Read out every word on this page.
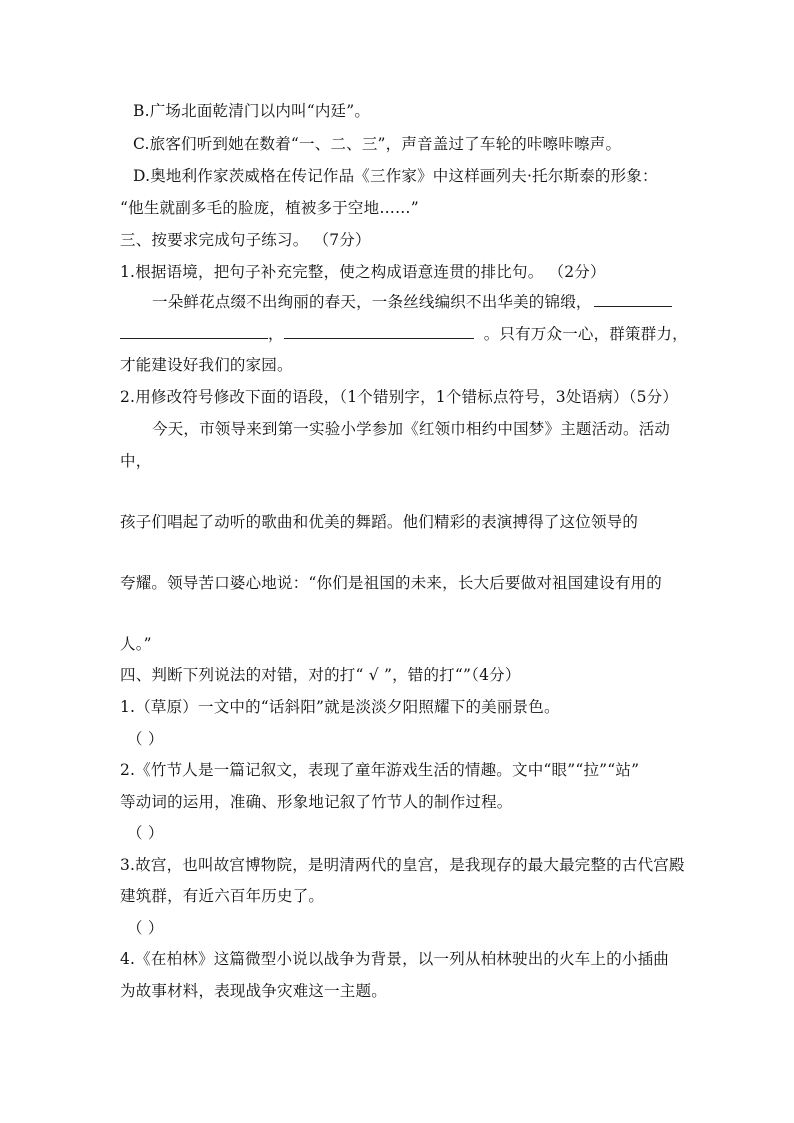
B.广场北面乾清门以内叫“内廷”。
C.旅客们听到她在数着“一、二、三”，声音盖过了车轮的咔嚓咔嚓声。
D.奥地利作家茨威格在传记作品《三作家》中这样画列夫·托尔斯泰的形象：
“他生就副多毛的脸庞，植被多于空地……”
三、按要求完成句子练习。 （7分）
1.根据语境，把句子补充完整，使之构成语意连贯的排比句。 （2分）
一朵鲜花点缀不出绚丽的春天，一条丝线编织不出华美的锦缎，
，	。只有万众一心，群策群力，
才能建设好我们的家园。
2.用修改符号修改下面的语段，（1个错别字，1个错标点符号，3处语病）（5分）
今天，市领导来到第一实验小学参加《红领巾相约中国梦》主题活动。活动
中，
孩子们唱起了动听的歌曲和优美的舞蹈。他们精彩的表演搏得了这位领导的
夸耀。领导苦口婆心地说：“你们是祖国的未来，长大后要做对祖国建设有用的
人。”
四、判断下列说法的对错，对的打“ √ ”，错的打“”（4分）
1.（草原）一文中的“话斜阳”就是淡淡夕阳照耀下的美丽景色。
（ ）
2.《竹节人是一篇记叙文，表现了童年游戏生活的情趣。文中“眼”“拉”“站”
等动词的运用，准确、形象地记叙了竹节人的制作过程。
（ ）
3.故宫，也叫故宫博物院，是明清两代的皇宫，是我现存的最大最完整的古代宫殿
建筑群，有近六百年历史了。
（ ）
4.《在柏林》这篇微型小说以战争为背景，以一列从柏林驶出的火车上的小插曲
为故事材料，表现战争灾难这一主题。
